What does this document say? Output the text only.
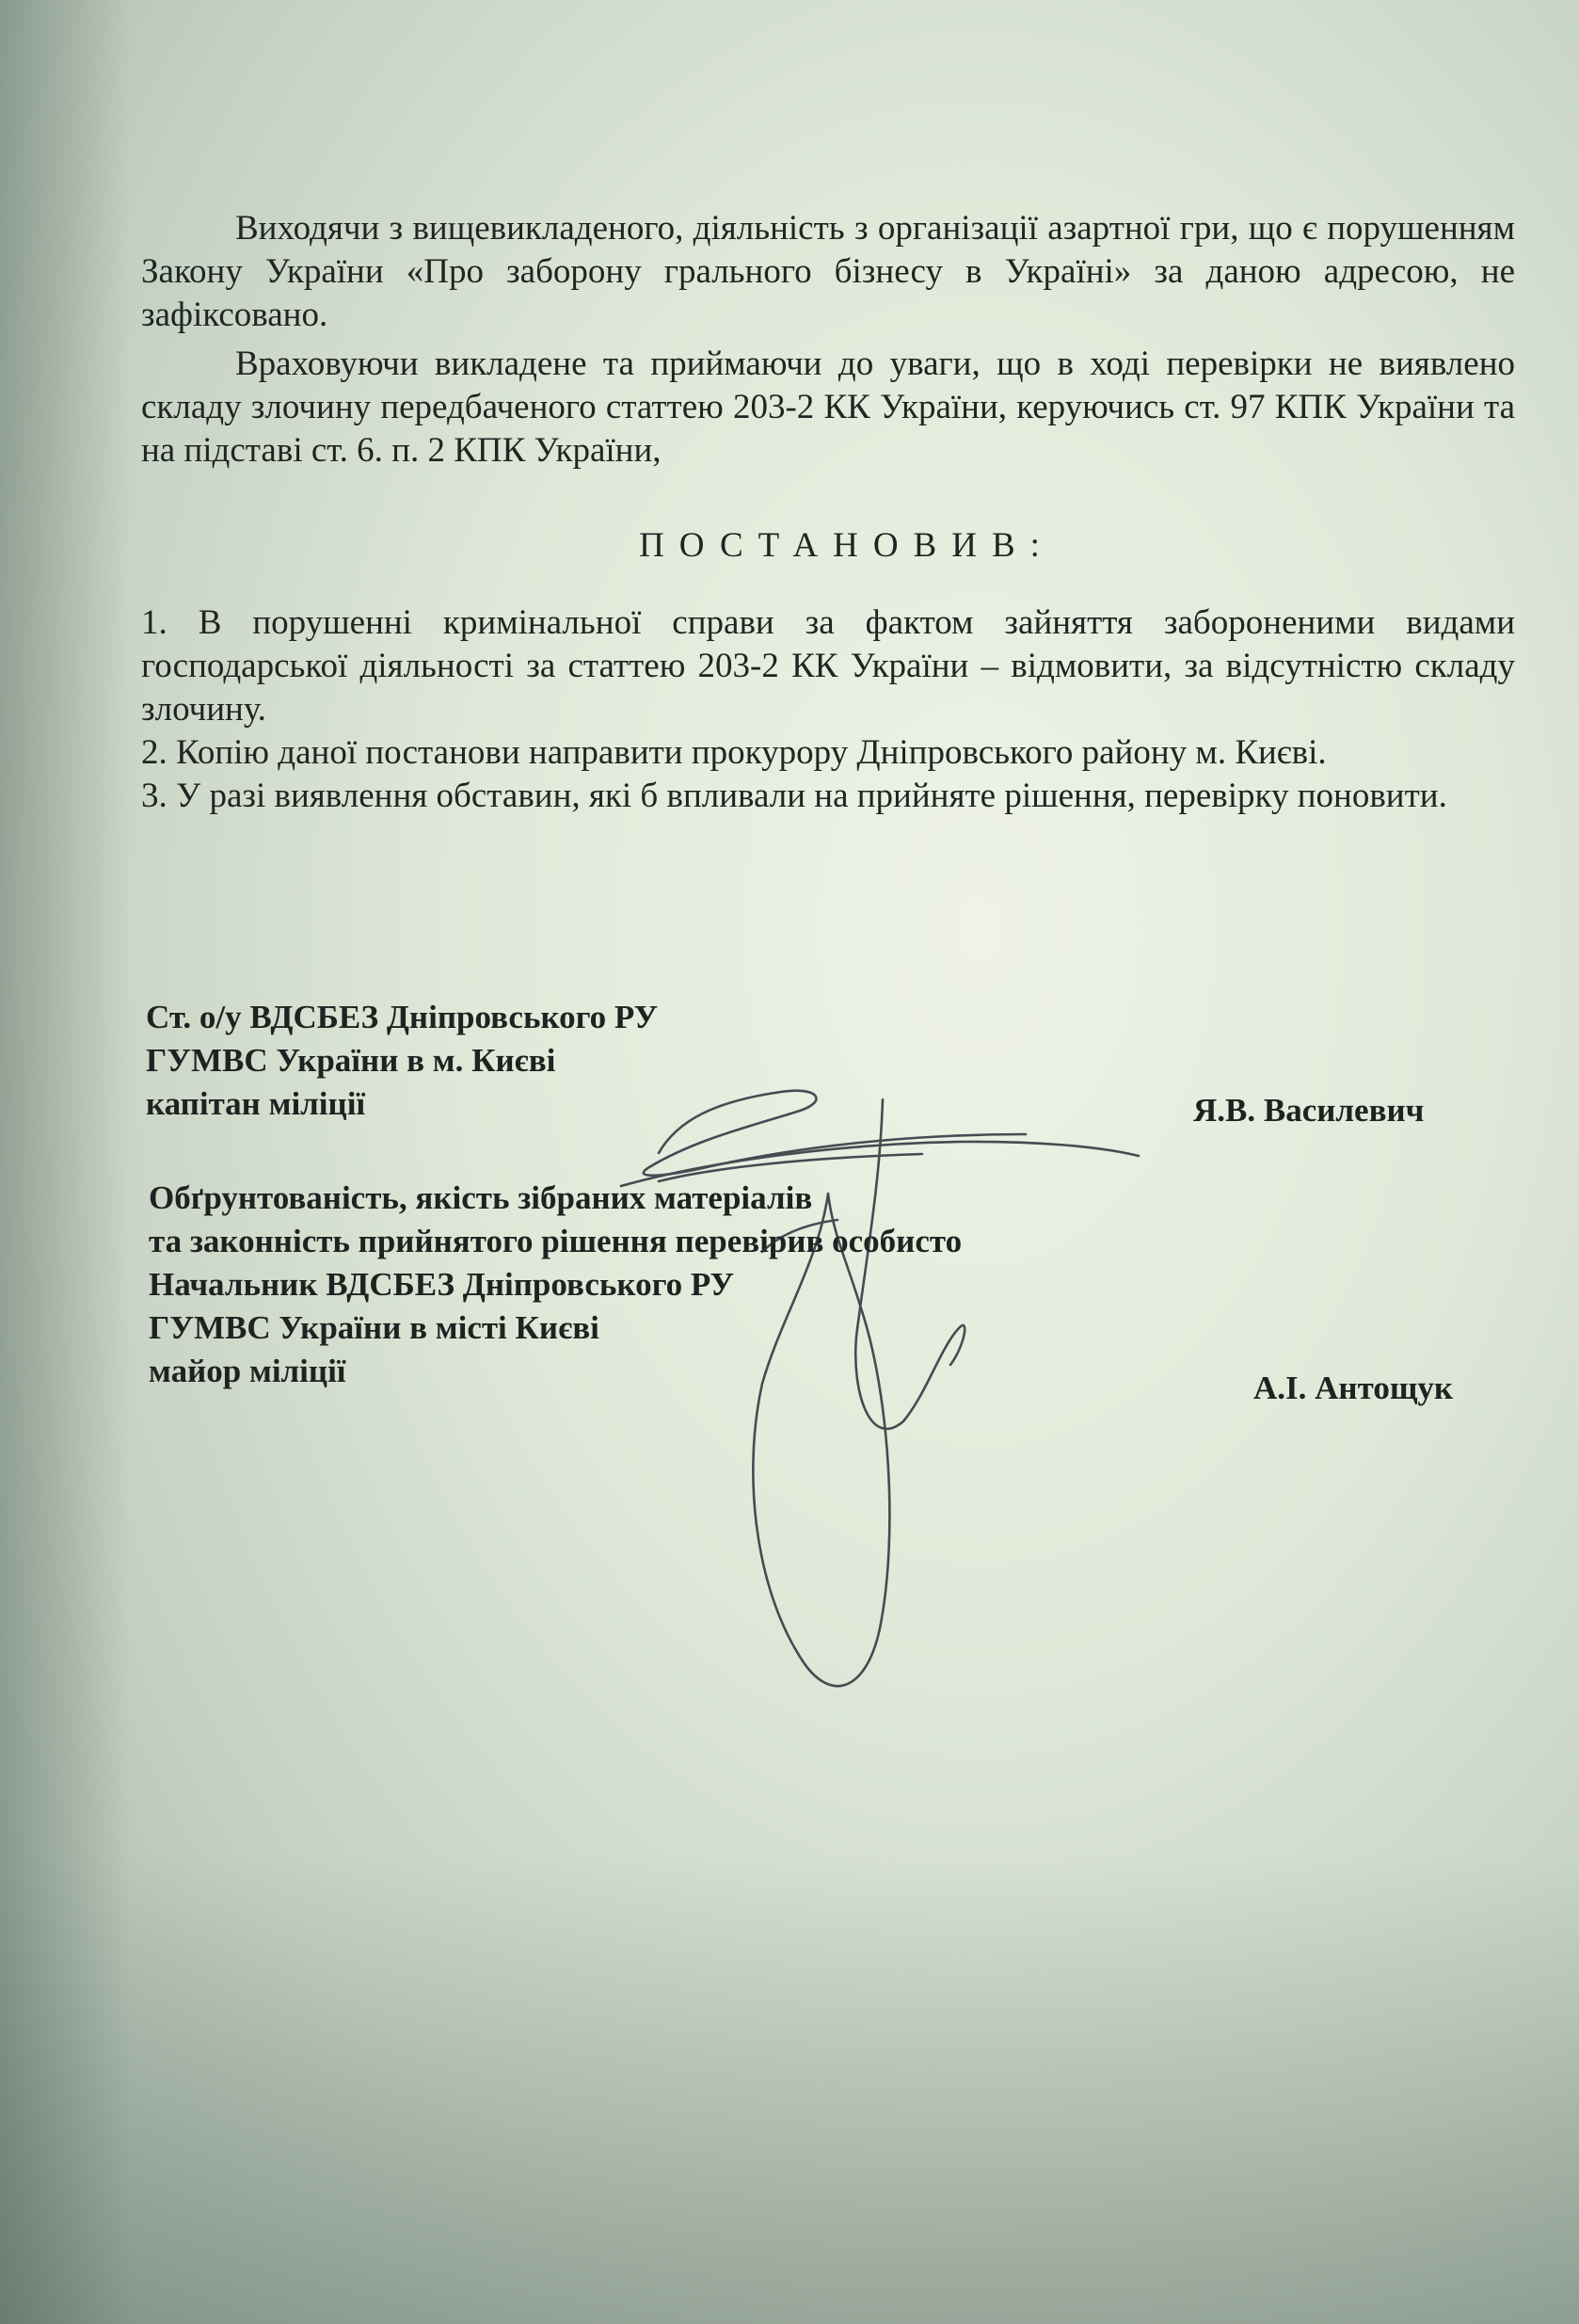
Виходячи з вищевикладеного, діяльність з організації азартної гри, що є порушенням Закону України «Про заборону грального бізнесу в Україні» за даною адресою, не зафіксовано.

Враховуючи викладене та приймаючи до уваги, що в ході перевірки не виявлено складу злочину передбаченого статтею 203-2 КК України, керуючись ст. 97 КПК України та на підставі ст. 6. п. 2 КПК України,

ПОСТАНОВИВ:

1. В порушенні кримінальної справи за фактом зайняття забороненими видами господарської діяльності за статтею 203-2 КК України – відмовити, за відсутністю складу злочину.

2. Копію даної постанови направити прокурору Дніпровського району м. Києві.

3. У разі виявлення обставин, які б впливали на прийняте рішення, перевірку поновити.

Ст. о/у ВДСБЕЗ Дніпровського РУ
ГУМВС України в м. Києві
капітан міліції	Я.В. Василевич
Обґрунтованість, якість зібраних матеріалів
та законність прийнятого рішення перевірив особисто
Начальник ВДСБЕЗ Дніпровського РУ
ГУМВС України в місті Києві
майор міліції	А.І. Антощук
